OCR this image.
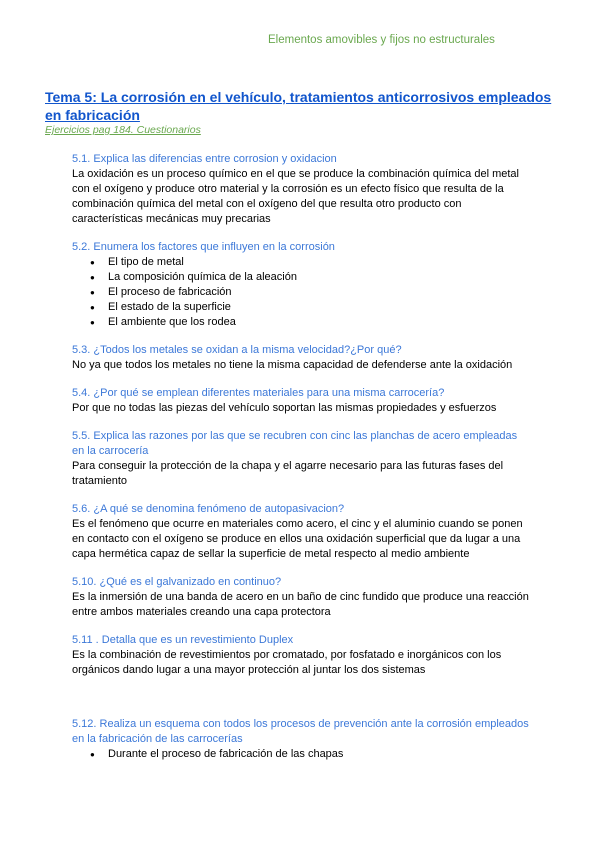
Elementos amovibles y fijos no estructurales
Tema 5: La corrosión en el vehículo, tratamientos anticorrosivos empleados en fabricación
Ejercicios pag 184. Cuestionarios

5.1. Explica las diferencias entre corrosion y oxidacion

La oxidación es un proceso químico en el que se produce la combinación química del metal con el oxígeno y produce otro material y la corrosión es un efecto físico que resulta de la combinación química del metal con el oxígeno del que resulta otro producto con características mecánicas muy precarias

5.2. Enumera los factores que influyen en la corrosión

● El tipo de metal
● La composición química de la aleación
● El proceso de fabricación
● El estado de la superficie
● El ambiente que los rodea

5.3. ¿Todos los metales se oxidan a la misma velocidad?¿Por qué?

No ya que todos los metales no tiene la misma capacidad de defenderse ante la oxidación

5.4. ¿Por qué se emplean diferentes materiales para una misma carrocería?

Por que no todas las piezas del vehículo soportan las mismas propiedades y esfuerzos

5.5. Explica las razones por las que se recubren con cinc las planchas de acero empleadas en la carrocería

Para conseguir la protección de la chapa y el agarre necesario para las futuras fases del tratamiento

5.6. ¿A qué se denomina fenómeno de autopasivacion?

Es el fenómeno que ocurre en materiales como acero, el cinc y el aluminio cuando se ponen en contacto con el oxígeno se produce en ellos una oxidación superficial que da lugar a una capa hermética capaz de sellar la superficie de metal respecto al medio ambiente

5.10. ¿Qué es el galvanizado en continuo?

Es la inmersión de una banda de acero en un baño de cinc fundido que produce una reacción entre ambos materiales creando una capa protectora

5.11 . Detalla que es un revestimiento Duplex

Es la combinación de revestimientos por cromatado, por fosfatado e inorgánicos con los orgánicos dando lugar a una mayor protección al juntar los dos sistemas

5.12. Realiza un esquema con todos los procesos de prevención ante la corrosión empleados en la fabricación de las carrocerías

● Durante el proceso de fabricación de las chapas
